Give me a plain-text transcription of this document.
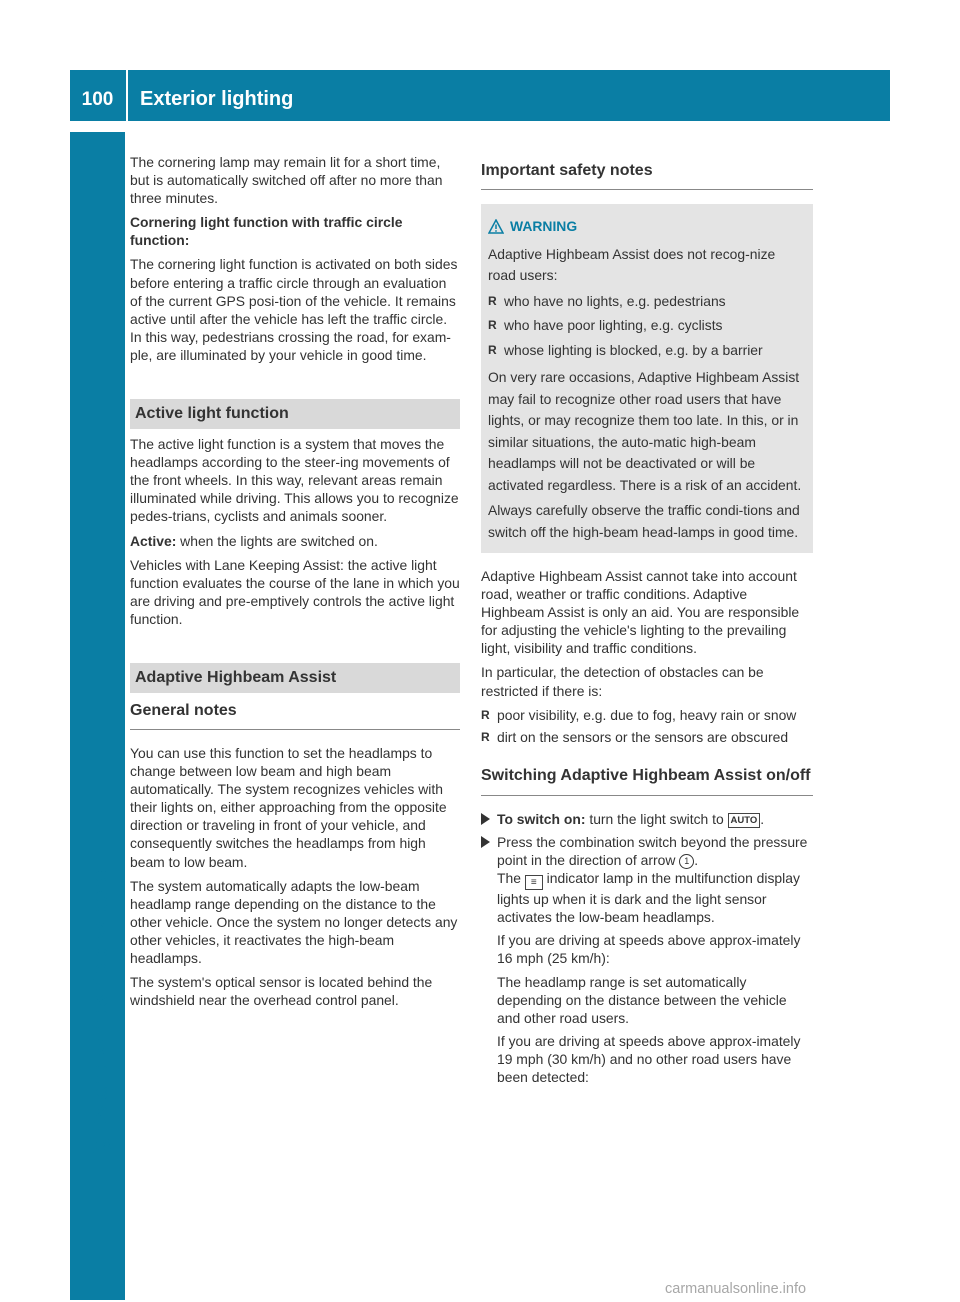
100	Exterior lighting
Lights and windshield wipers

The cornering lamp may remain lit for a short time, but is automatically switched off after no more than three minutes.

Cornering light function with traffic circle function:

The cornering light function is activated on both sides before entering a traffic circle through an evaluation of the current GPS posi-tion of the vehicle. It remains active until after the vehicle has left the traffic circle. In this way, pedestrians crossing the road, for exam-ple, are illuminated by your vehicle in good time.

Active light function

The active light function is a system that moves the headlamps according to the steer-ing movements of the front wheels. In this way, relevant areas remain illuminated while driving. This allows you to recognize pedes-trians, cyclists and animals sooner.

Active: when the lights are switched on.

Vehicles with Lane Keeping Assist: the active light function evaluates the course of the lane in which you are driving and pre-emptively controls the active light function.

Adaptive Highbeam Assist
General notes

You can use this function to set the headlamps to change between low beam and high beam automatically. The system recognizes vehicles with their lights on, either approaching from the opposite direction or traveling in front of your vehicle, and consequently switches the headlamps from high beam to low beam.

The system automatically adapts the low-beam headlamp range depending on the distance to the other vehicle. Once the system no longer detects any other vehicles, it reactivates the high-beam headlamps.

The system's optical sensor is located behind the windshield near the overhead control panel.

Important safety notes
WARNING

Adaptive Highbeam Assist does not recog-nize road users:

R who have no lights, e.g. pedestrians
R who have poor lighting, e.g. cyclists
R whose lighting is blocked, e.g. by a barrier

On very rare occasions, Adaptive Highbeam Assist may fail to recognize other road users that have lights, or may recognize them too late. In this, or in similar situations, the auto-matic high-beam headlamps will not be deactivated or will be activated regardless. There is a risk of an accident.

Always carefully observe the traffic condi-tions and switch off the high-beam head-lamps in good time.

Adaptive Highbeam Assist cannot take into account road, weather or traffic conditions. Adaptive Highbeam Assist is only an aid. You are responsible for adjusting the vehicle's lighting to the prevailing light, visibility and traffic conditions.

In particular, the detection of obstacles can be restricted if there is:

R poor visibility, e.g. due to fog, heavy rain or snow
R dirt on the sensors or the sensors are obscured
Switching Adaptive Highbeam Assist on/off

To switch on: turn the light switch to AUTO .

Press the combination switch beyond the pressure point in the direction of arrow 1 .
The ≡ indicator lamp in the multifunction display lights up when it is dark and the light sensor activates the low-beam headlamps.

If you are driving at speeds above approx-imately 16 mph (25 km/h):

The headlamp range is set automatically depending on the distance between the vehicle and other road users.

If you are driving at speeds above approx-imately 19 mph (30 km/h) and no other road users have been detected:

carmanualsonline.info
